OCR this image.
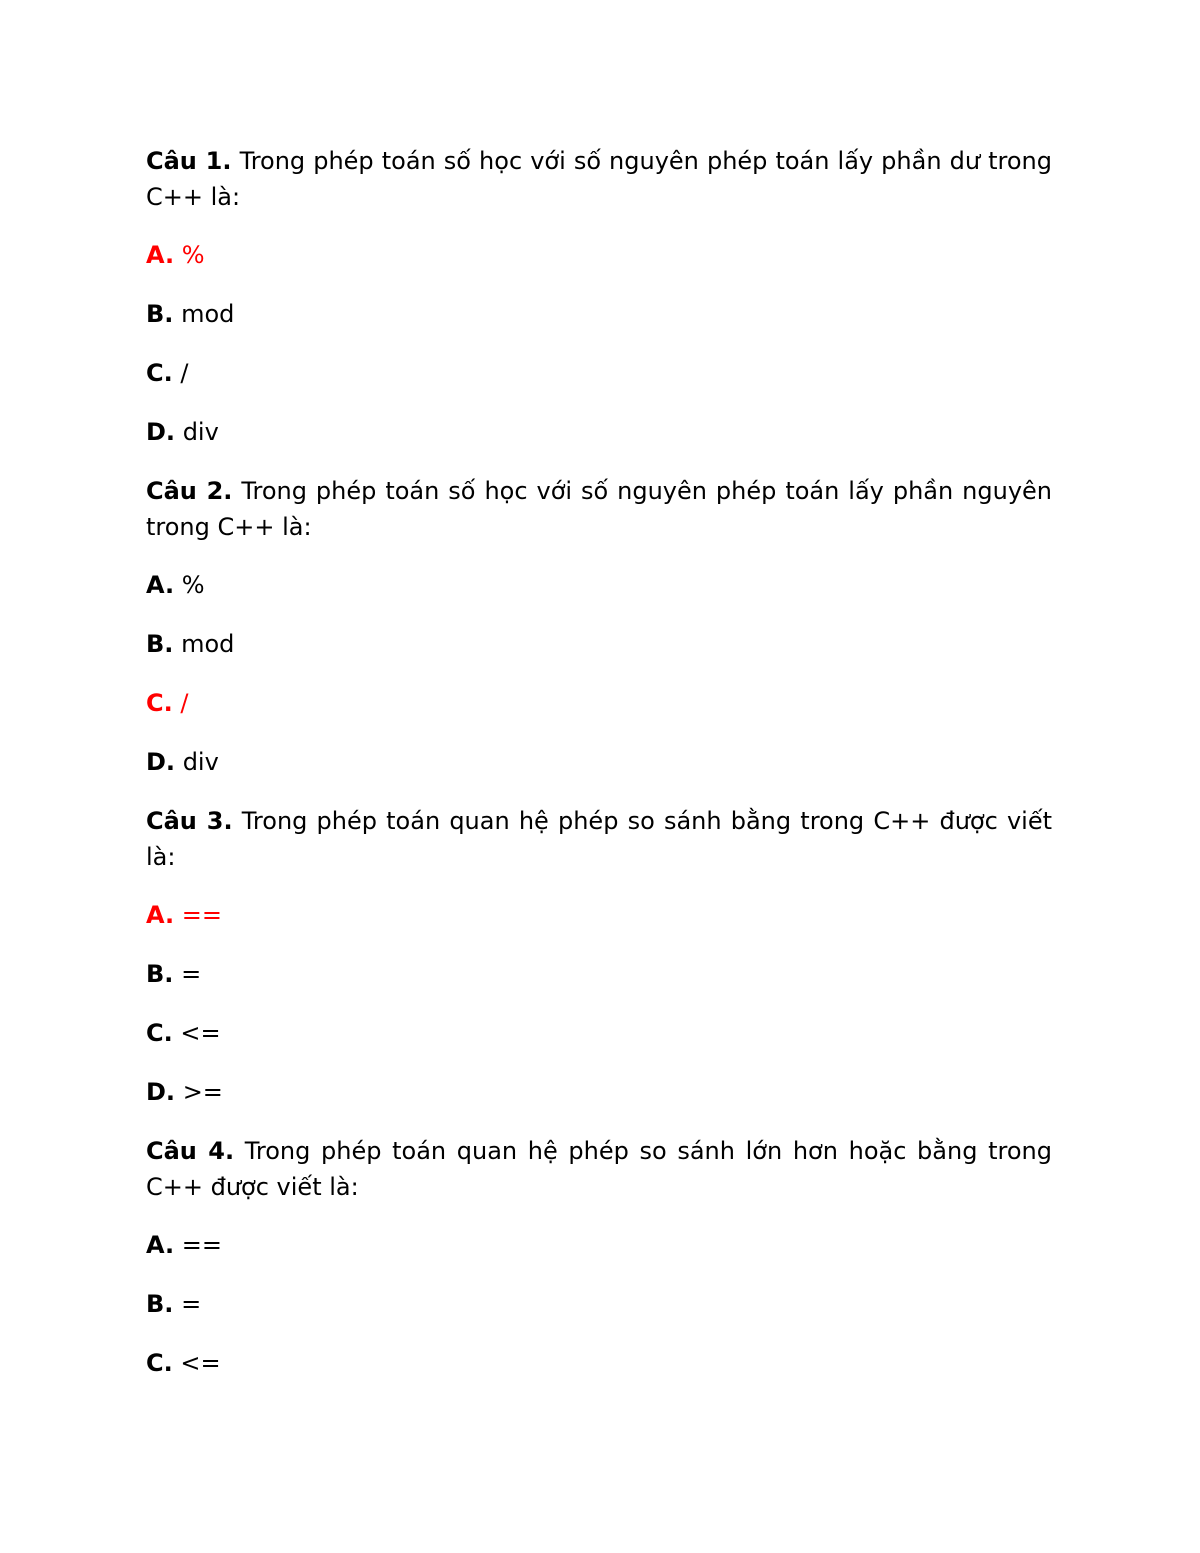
Câu 1. Trong phép toán số học với số nguyên phép toán lấy phần dư trong C++ là:

A. %

B. mod

C. /

D. div

Câu 2. Trong phép toán số học với số nguyên phép toán lấy phần nguyên trong C++ là:

A. %

B. mod

C. /

D. div

Câu 3. Trong phép toán quan hệ phép so sánh bằng trong C++ được viết là:

A. ==

B. =

C. <=

D. >=

Câu 4. Trong phép toán quan hệ phép so sánh lớn hơn hoặc bằng trong C++ được viết là:

A. ==

B. =

C. <=
